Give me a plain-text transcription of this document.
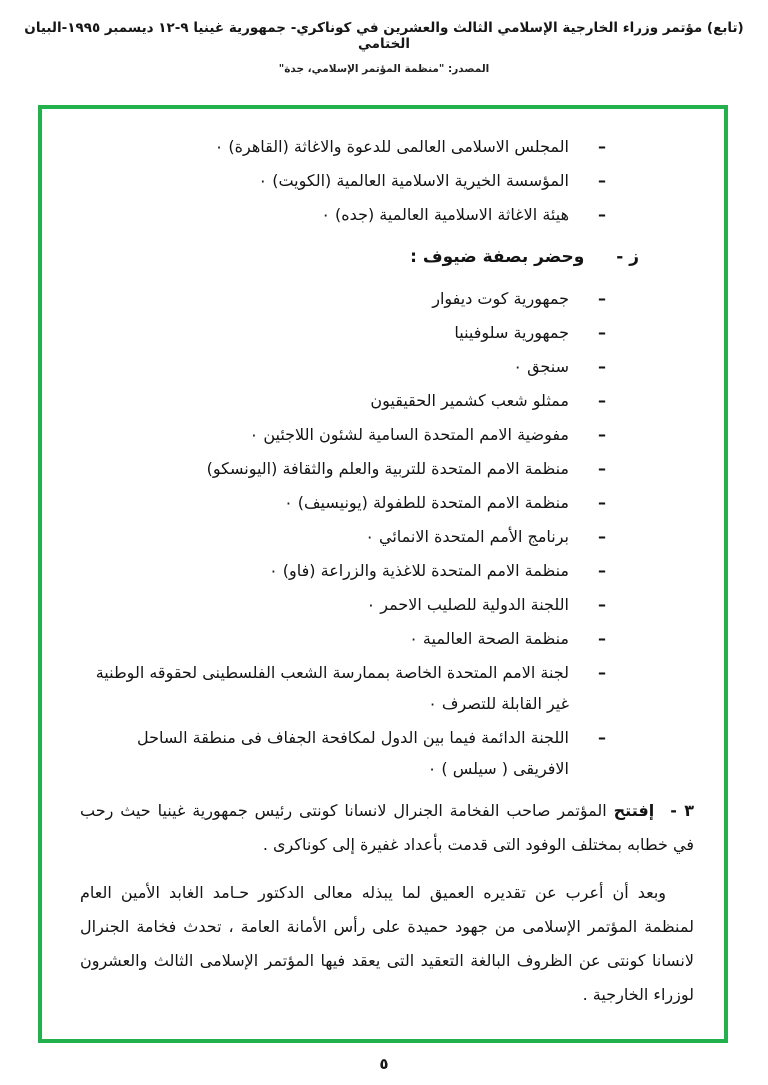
(تابع) مؤتمر وزراء الخارجية الإسلامي الثالث والعشرين في كوناكري- جمهورية غينيا ٩-١٢ ديسمبر ١٩٩٥-البيان الختامي
المصدر: "منظمة المؤتمر الإسلامي، جدة"
–
المجلس الاسلامى العالمى للدعوة والاغاثة (القاهرة) ٠
–
المؤسسة الخيرية الاسلامية العالمية (الكويت) ٠
–
هيئة الاغاثة الاسلامية العالمية (جده) ٠
ز - وحضر بصفة ضيوف :
–
جمهورية كوت ديفوار
–
جمهورية سلوفينيا
–
سنجق ٠
–
ممثلو شعب كشمير الحقيقيون
–
مفوضية الامم المتحدة السامية لشئون اللاجئين ٠
–
منظمة الامم المتحدة للتربية والعلم والثقافة (اليونسكو)
–
منظمة الامم المتحدة للطفولة (يونيسيف) ٠
–
برنامج الأمم المتحدة الانمائي ٠
–
منظمة الامم المتحدة للاغذية والزراعة (فاو) ٠
–
اللجنة الدولية للصليب الاحمر ٠
–
منظمة الصحة العالمية ٠
–
لجنة الامم المتحدة الخاصة بممارسة الشعب الفلسطينى لحقوقه الوطنية غير القابلة للتصرف ٠
–
اللجنة الدائمة فيما بين الدول لمكافحة الجفاف فى منطقة الساحل الافريقى ( سيلس ) ٠

٣ -إفتتح المؤتمر صاحب الفخامة الجنرال لانسانا كونتى رئيس جمهورية غينيا حيث رحب في خطابه بمختلف الوفود التى قدمت بأعداد غفيرة إلى كوناكرى .

وبعد أن أعرب عن تقديره العميق لما يبذله معالى الدكتور حـامد الغابد الأمين العام لمنظمة المؤتمر الإسلامى من جهود حميدة على رأس الأمانة العامة ، تحدث فخامة الجنرال لانسانا كونتى عن الظروف البالغة التعقيد التى يعقد فيها المؤتمر الإسلامى الثالث والعشرون لوزراء الخارجية .

٥
